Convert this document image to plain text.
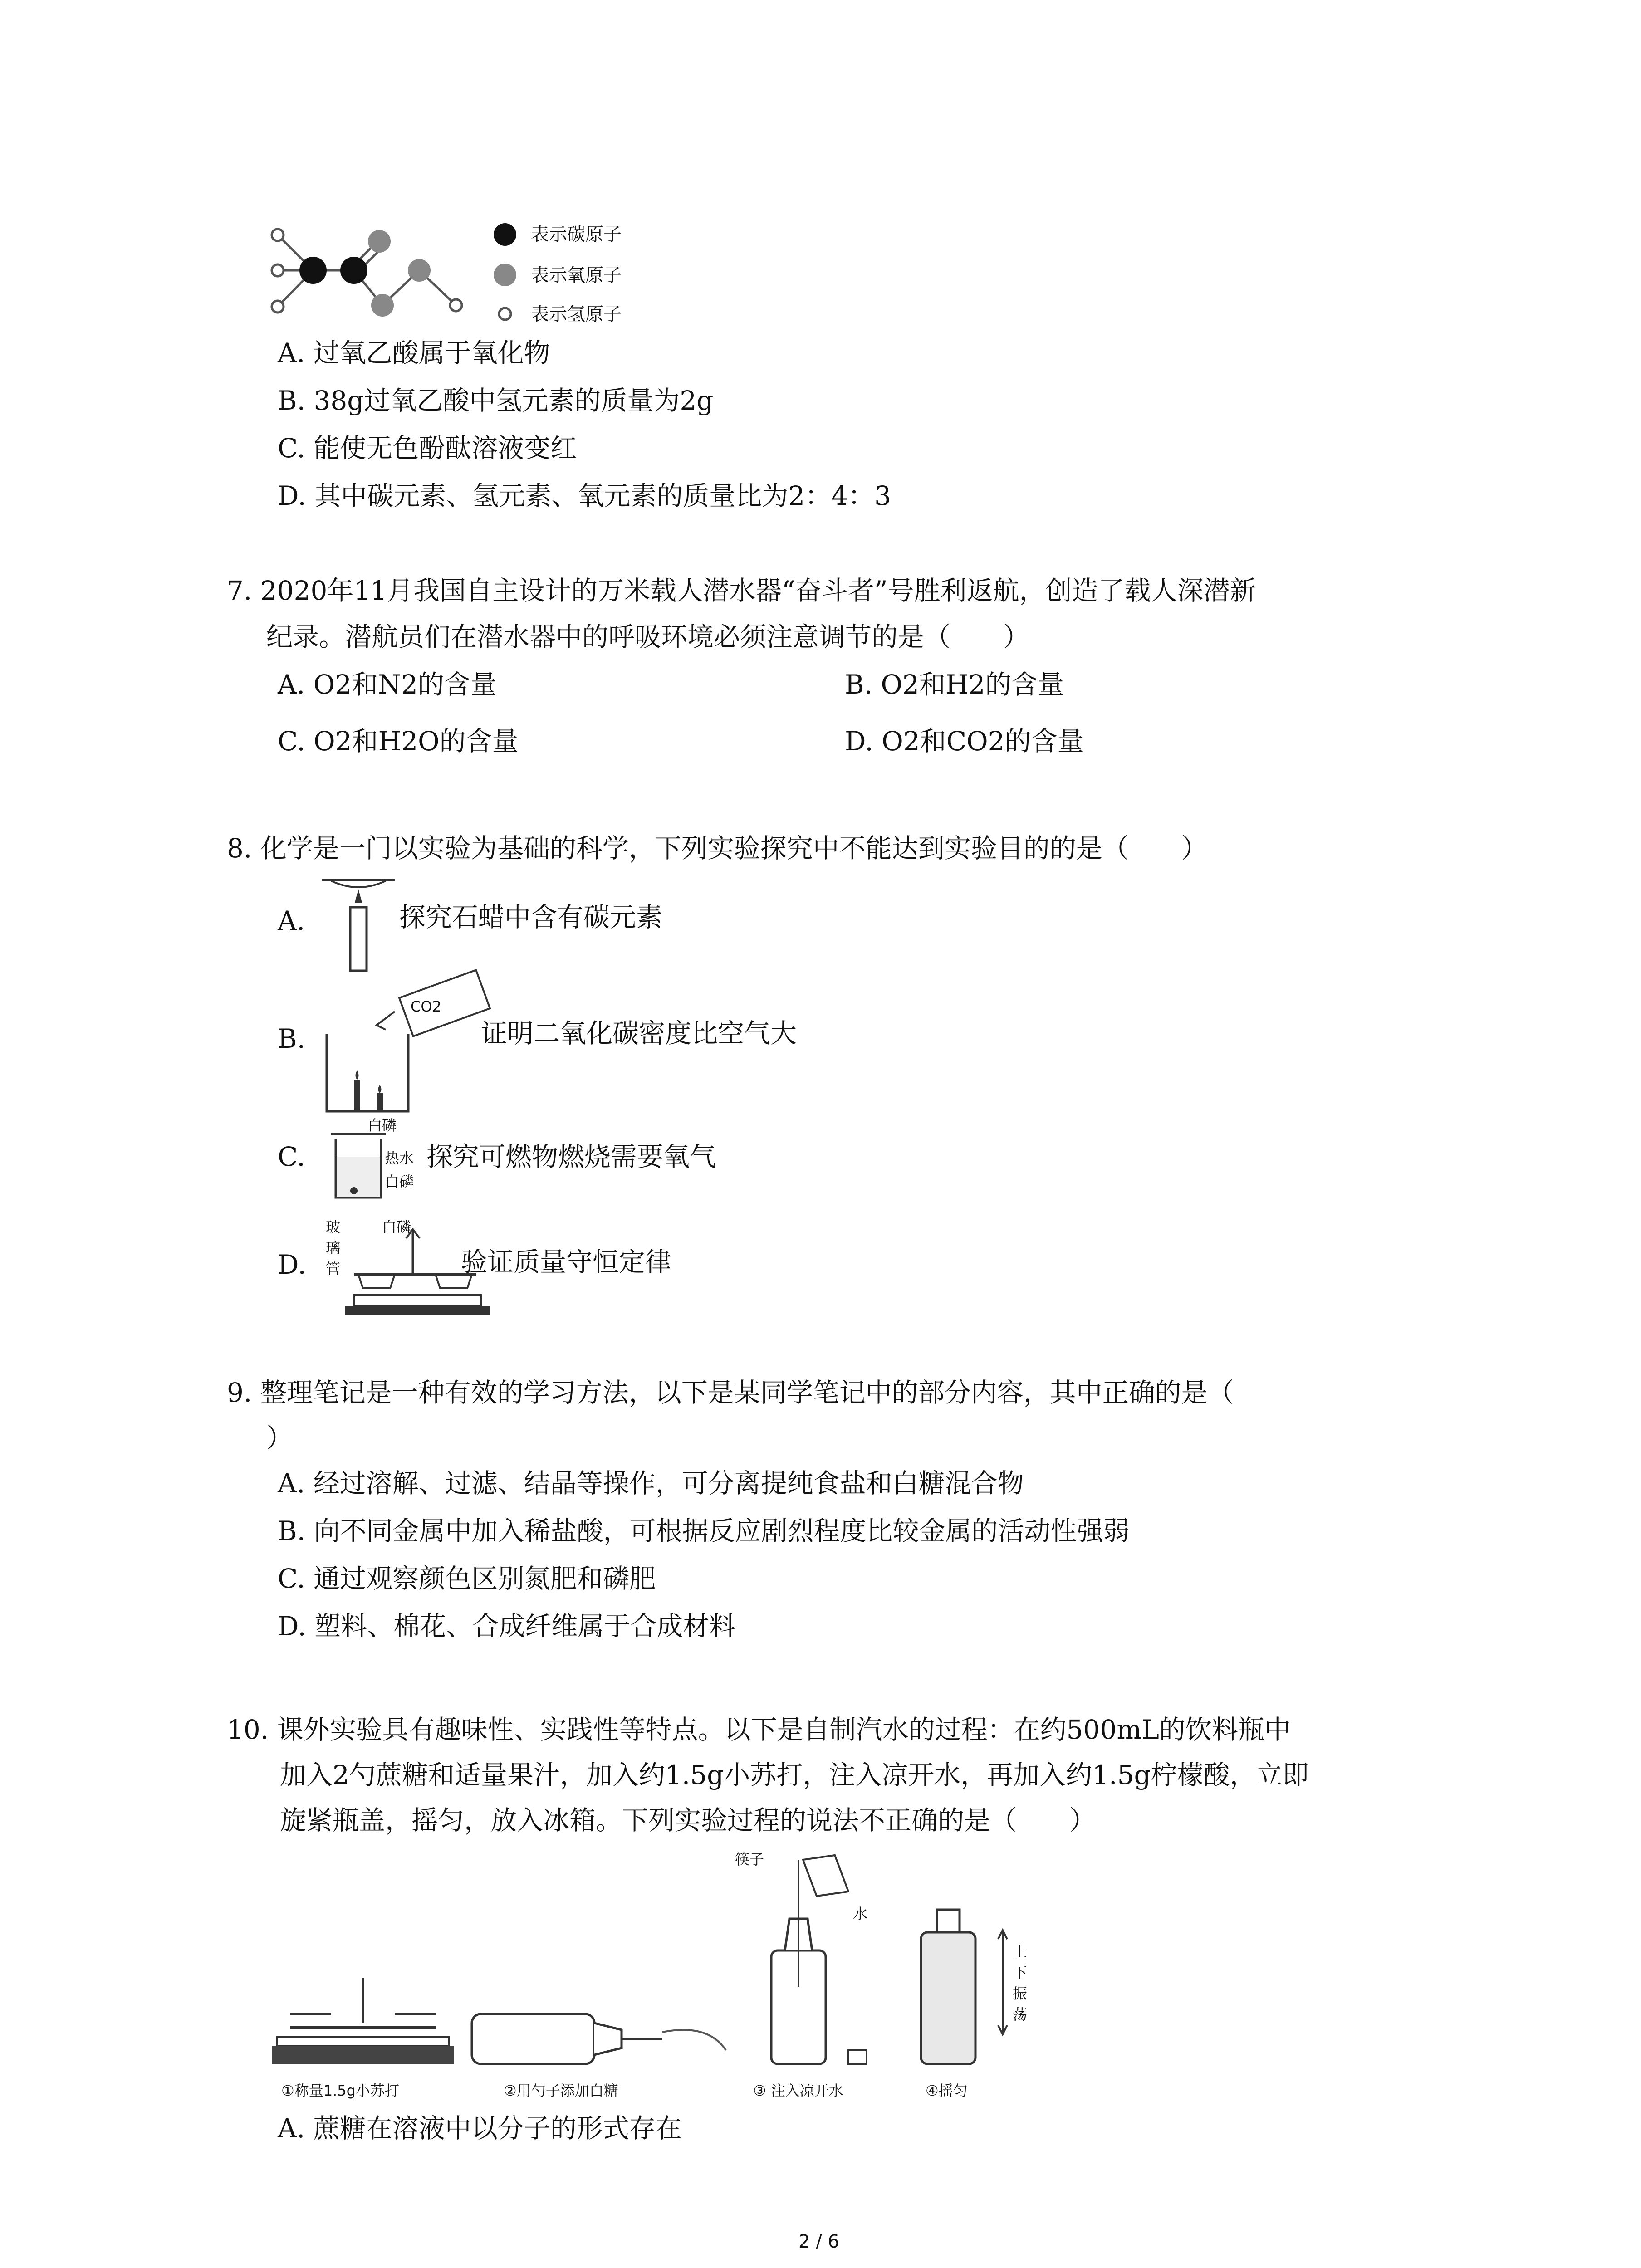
表示碳原子
表示氧原子
表示氢原子
A. 过氧乙酸属于氧化物
B. 38g过氧乙酸中氢元素的质量为2g
C. 能使无色酚酞溶液变红
D. 其中碳元素、氢元素、氧元素的质量比为2：4：3
7. 2020年11月我国自主设计的万米载人潜水器“奋斗者”号胜利返航，创造了载人深潜新
纪录。潜航员们在潜水器中的呼吸环境必须注意调节的是（　　）
A. O2和N2的含量	B. O2和H2的含量
C. O2和H2O的含量	D. O2和CO2的含量
8. 化学是一门以实验为基础的科学，下列实验探究中不能达到实验目的的是（　　）
A.	探究石蜡中含有碳元素
B.
CO2
证明二氧化碳密度比空气大
C.
白磷
热水
白磷
探究可燃物燃烧需要氧气
D.
玻
璃
管
白磷
验证质量守恒定律
9. 整理笔记是一种有效的学习方法，以下是某同学笔记中的部分内容，其中正确的是（
）
A. 经过溶解、过滤、结晶等操作，可分离提纯食盐和白糖混合物
B. 向不同金属中加入稀盐酸，可根据反应剧烈程度比较金属的活动性强弱
C. 通过观察颜色区别氮肥和磷肥
D. 塑料、棉花、合成纤维属于合成材料
10. 课外实验具有趣味性、实践性等特点。以下是自制汽水的过程：在约500mL的饮料瓶中
加入2勺蔗糖和适量果汁，加入约1.5g小苏打，注入凉开水，再加入约1.5g柠檬酸，立即
旋紧瓶盖，摇匀，放入冰箱。下列实验过程的说法不正确的是（　　）
筷子
水
上
下
振
荡
①称量1.5g小苏打	②用勺子添加白糖	③ 注入凉开水	④摇匀
A. 蔗糖在溶液中以分子的形式存在
2 / 6
